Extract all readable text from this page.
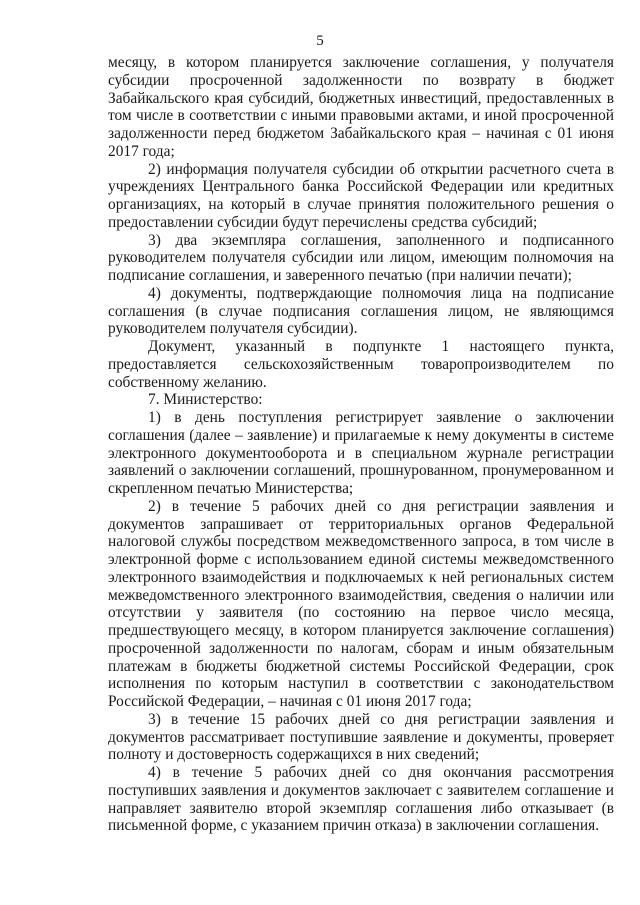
5

месяцу, в котором планируется заключение соглашения, у получателя субсидии просроченной задолженности по возврату в бюджет Забайкальского края субсидий, бюджетных инвестиций, предоставленных в том числе в соответствии с иными правовыми актами, и иной просроченной задолженности перед бюджетом Забайкальского края – начиная с 01 июня 2017 года;

2) информация получателя субсидии об открытии расчетного счета в учреждениях Центрального банка Российской Федерации или кредитных организациях, на который в случае принятия положительного решения о предоставлении субсидии будут перечислены средства субсидий;

3) два экземпляра соглашения, заполненного и подписанного руководителем получателя субсидии или лицом, имеющим полномочия на подписание соглашения, и заверенного печатью (при наличии печати);

4) документы, подтверждающие полномочия лица на подписание соглашения (в случае подписания соглашения лицом, не являющимся руководителем получателя субсидии).

Документ, указанный в подпункте 1 настоящего пункта, предоставляется сельскохозяйственным товаропроизводителем по собственному желанию.

7. Министерство:

1) в день поступления регистрирует заявление о заключении соглашения (далее – заявление) и прилагаемые к нему документы в системе электронного документооборота и в специальном журнале регистрации заявлений о заключении соглашений, прошнурованном, пронумерованном и скрепленном печатью Министерства;

2) в течение 5 рабочих дней со дня регистрации заявления и документов запрашивает от территориальных органов Федеральной налоговой службы посредством межведомственного запроса, в том числе в электронной форме с использованием единой системы межведомственного электронного взаимодействия и подключаемых к ней региональных систем межведомственного электронного взаимодействия, сведения о наличии или отсутствии у заявителя (по состоянию на первое число месяца, предшествующего месяцу, в котором планируется заключение соглашения) просроченной задолженности по налогам, сборам и иным обязательным платежам в бюджеты бюджетной системы Российской Федерации, срок исполнения по которым наступил в соответствии с законодательством Российской Федерации, – начиная с 01 июня 2017 года;

3) в течение 15 рабочих дней со дня регистрации заявления и документов рассматривает поступившие заявление и документы, проверяет полноту и достоверность содержащихся в них сведений;

4) в течение 5 рабочих дней со дня окончания рассмотрения поступивших заявления и документов заключает с заявителем соглашение и направляет заявителю второй экземпляр соглашения либо отказывает (в письменной форме, с указанием причин отказа) в заключении соглашения.
